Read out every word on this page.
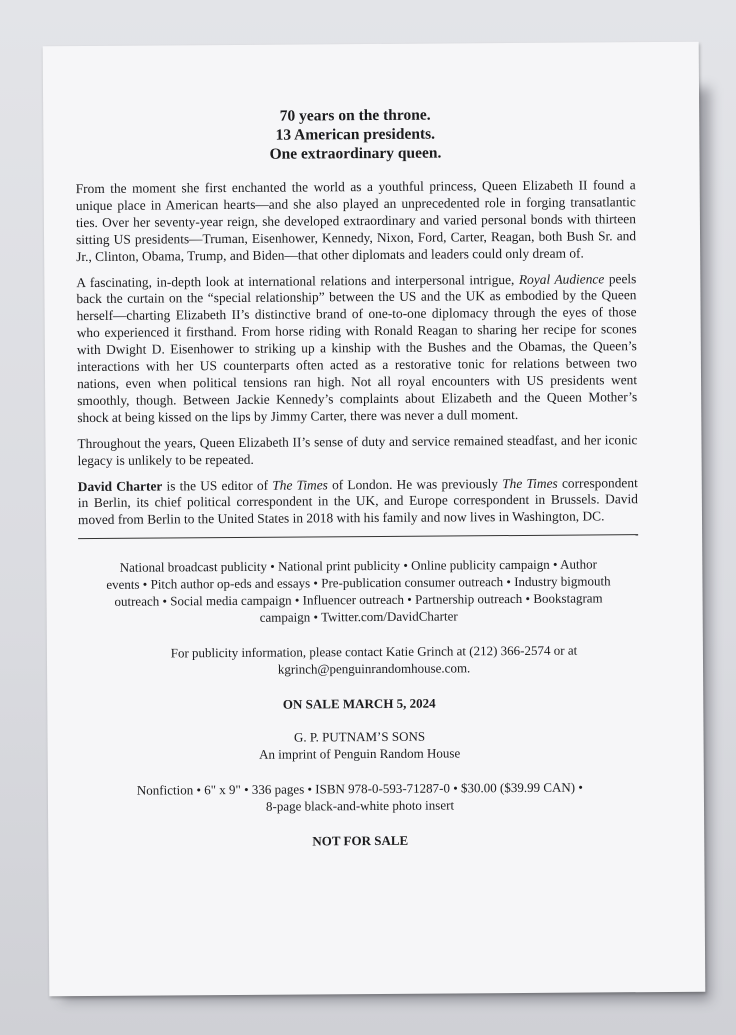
70 years on the throne.
13 American presidents.
One extraordinary queen.

From the moment she first enchanted the world as a youthful princess, Queen Elizabeth II found a unique place in American hearts—and she also played an unprecedented role in forging transatlantic ties. Over her seventy-year reign, she developed extraordinary and varied personal bonds with thirteen sitting US presidents—Truman, Eisenhower, Kennedy, Nixon, Ford, Carter, Reagan, both Bush Sr. and Jr., Clinton, Obama, Trump, and Biden—that other diplomats and leaders could only dream of.

A fascinating, in-depth look at international relations and interpersonal intrigue, Royal Audience peels back the curtain on the “special relationship” between the US and the UK as embodied by the Queen herself—charting Elizabeth II’s distinctive brand of one-to-one diplomacy through the eyes of those who experienced it firsthand. From horse riding with Ronald Reagan to sharing her recipe for scones with Dwight D. Eisenhower to striking up a kinship with the Bushes and the Obamas, the Queen’s interactions with her US counterparts often acted as a restorative tonic for relations between two nations, even when political tensions ran high. Not all royal encounters with US presidents went smoothly, though. Between Jackie Kennedy’s complaints about Elizabeth and the Queen Mother’s shock at being kissed on the lips by Jimmy Carter, there was never a dull moment.

Throughout the years, Queen Elizabeth II’s sense of duty and service remained steadfast, and her iconic legacy is unlikely to be repeated.

David Charter is the US editor of The Times of London. He was previously The Times correspondent in Berlin, its chief political correspondent in the UK, and Europe correspondent in Brussels. David moved from Berlin to the United States in 2018 with his family and now lives in Washington, DC.

National broadcast publicity • National print publicity • Online publicity campaign • Author
events • Pitch author op-eds and essays • Pre-publication consumer outreach • Industry bigmouth
outreach • Social media campaign • Influencer outreach • Partnership outreach • Bookstagram
campaign • Twitter.com/DavidCharter
For publicity information, please contact Katie Grinch at (212) 366-2574 or at
kgrinch@penguinrandomhouse.com.
ON SALE MARCH 5, 2024
G. P. PUTNAM’S SONS
An imprint of Penguin Random House
Nonfiction • 6" x 9" • 336 pages • ISBN 978-0-593-71287-0 • $30.00 ($39.99 CAN) •
8-page black-and-white photo insert
NOT FOR SALE
